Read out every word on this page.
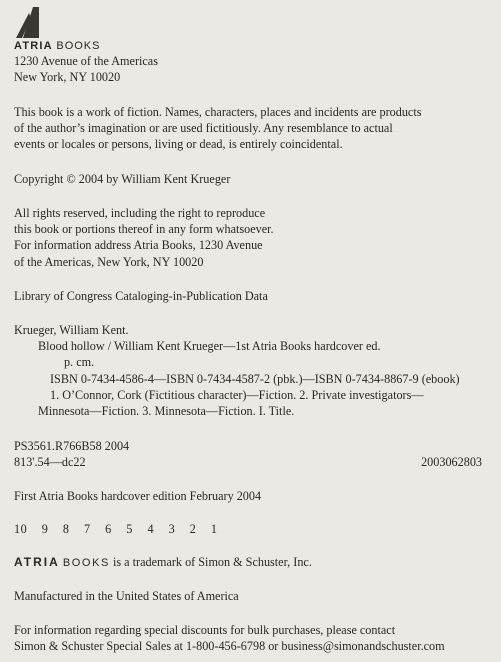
ATRIA BOOKS
1230 Avenue of the Americas
New York, NY 10020
This book is a work of fiction. Names, characters, places and incidents are products
of the author’s imagination or are used fictitiously. Any resemblance to actual
events or locales or persons, living or dead, is entirely coincidental.
Copyright © 2004 by William Kent Krueger
All rights reserved, including the right to reproduce
this book or portions thereof in any form whatsoever.
For information address Atria Books, 1230 Avenue
of the Americas, New York, NY 10020
Library of Congress Cataloging-in-Publication Data
Krueger, William Kent.
Blood hollow / William Kent Krueger—1st Atria Books hardcover ed.
p. cm.
ISBN 0-7434-4586-4—ISBN 0-7434-4587-2 (pbk.)—ISBN 0-7434-8867-9 (ebook)
1. O’Connor, Cork (Fictitious character)—Fiction. 2. Private investigators—
Minnesota—Fiction. 3. Minnesota—Fiction. I. Title.
PS3561.R766B58 2004
813'.54—dc22	2003062803
First Atria Books hardcover edition February 2004
10 9 8 7 6 5 4 3 2 1
ATRIA BOOKS is a trademark of Simon & Schuster, Inc.
Manufactured in the United States of America
For information regarding special discounts for bulk purchases, please contact
Simon & Schuster Special Sales at 1-800-456-6798 or business@simonandschuster.com
